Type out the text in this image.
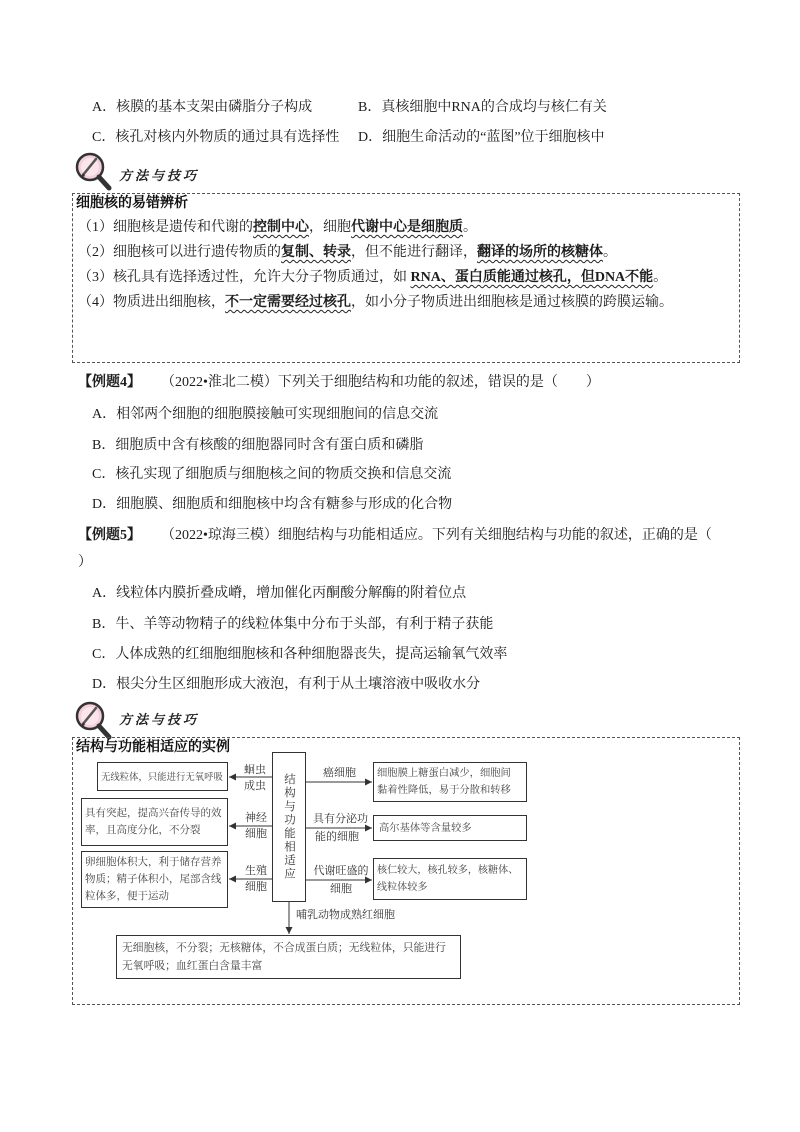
A．核膜的基本支架由磷脂分子构成	B．真核细胞中RNA的合成均与核仁有关
C．核孔对核内外物质的通过具有选择性 D．细胞生命活动的“蓝图”位于细胞核中
方法与技巧
细胞核的易错辨析
（1）细胞核是遗传和代谢的控制中心，细胞代谢中心是细胞质。
（2）细胞核可以进行遗传物质的复制、转录，但不能进行翻译，翻译的场所的核糖体。
（3）核孔具有选择透过性，允许大分子物质通过，如 RNA、蛋白质能通过核孔，但DNA不能。
（4）物质进出细胞核，不一定需要经过核孔，如小分子物质进出细胞核是通过核膜的跨膜运输。
【例题4】 （2022•淮北二模）下列关于细胞结构和功能的叙述，错误的是（　　）
A．相邻两个细胞的细胞膜接触可实现细胞间的信息交流
B．细胞质中含有核酸的细胞器同时含有蛋白质和磷脂
C．核孔实现了细胞质与细胞核之间的物质交换和信息交流
D．细胞膜、细胞质和细胞核中均含有糖参与形成的化合物
【例题5】 （2022•琼海三模）细胞结构与功能相适应。下列有关细胞结构与功能的叙述，正确的是（
）
A．线粒体内膜折叠成嵴，增加催化丙酮酸分解酶的附着位点
B．牛、羊等动物精子的线粒体集中分布于头部，有利于精子获能
C．人体成熟的红细胞细胞核和各种细胞器丧失，提高运输氧气效率
D．根尖分生区细胞形成大液泡，有利于从土壤溶液中吸收水分
方法与技巧
结构与功能相适应的实例
结构与功能相适应
蛔虫
成虫
无线粒体，只能进行无氧呼吸
神经
细胞
具有突起，提高兴奋传导的效
率，且高度分化，不分裂
生殖
细胞
卵细胞体积大，利于储存营养
物质；精子体积小，尾部含线
粒体多，便于运动
癌细胞	细胞膜上糖蛋白减少，细胞间
黏着性降低，易于分散和转移
具有分泌功
能的细胞
高尔基体等含量较多
代谢旺盛的
细胞
核仁较大，核孔较多，核糖体、
线粒体较多
哺乳动物成熟红细胞
无细胞核，不分裂；无核糖体，不合成蛋白质；无线粒体，只能进行
无氧呼吸；血红蛋白含量丰富
